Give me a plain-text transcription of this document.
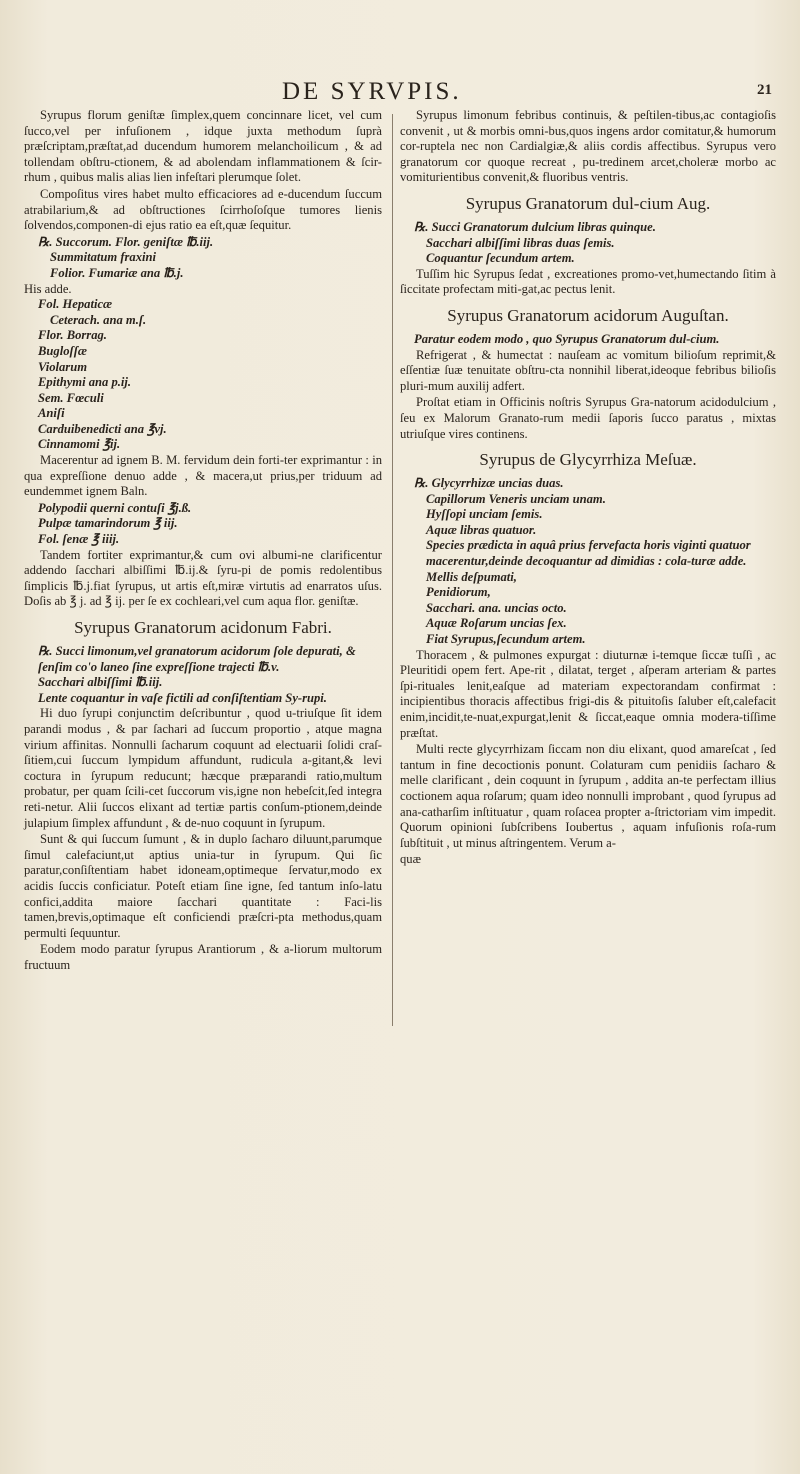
DE SYRVPIS.	21

Syrupus florum geniſtæ ſimplex,quem concinnare licet, vel cum ſucco,vel per infuſionem , idque juxta methodum ſuprà præſcriptam,præſtat,ad ducendum humorem melanchoilicum , & ad tollendam obſtru-ctionem, & ad abolendam inflammationem & ſcir-rhum , quibus malis alias lien infeſtari plerumque ſolet.

Compoſitus vires habet multo efficaciores ad e-ducendum ſuccum atrabilarium,& ad obſtructiones ſcirrhoſoſque tumores lienis ſolvendos,componen-di ejus ratio ea eſt,quæ ſequitur.

℞. Succorum. Flor. geniſtæ ℔.iij.
Summitatum fraxini
Folior. Fumariæ ana ℔.j.
His adde.
Fol. Hepaticæ
Ceterach. ana m.ſ.
Flor. Borrag.
Bugloſſæ
Violarum
Epithymi ana p.ij.
Sem. Fœculi
Aniſi
Carduibenedicti ana ℥vj.
Cinnamomi ℥ij.

Macerentur ad ignem B. M. fervidum dein forti-ter exprimantur : in qua expreſſione denuo adde , & macera,ut prius,per triduum ad eundemmet ignem Baln.

Polypodii querni contuſi ℥j.ß.
Pulpæ tamarindorum ℥ iij.
Fol. ſenæ ℥ iiij.

Tandem fortiter exprimantur,& cum ovi albumi-ne clarificentur addendo ſacchari albiſſimi ℔.ij.& ſyru-pi de pomis redolentibus ſimplicis ℔.j.fiat ſyrupus, ut artis eſt,miræ virtutis ad enarratos uſus. Doſis ab ℥ j. ad ℥ ij. per ſe ex cochleari,vel cum aqua flor. geniſtæ.

Syrupus Granatorum acidonum Fabri.
℞. Succi limonum,vel granatorum acidorum ſole depurati, & ſenſim co'o laneo ſine expreſſione trajecti ℔.v.
Sacchari albiſſimi ℔.iij.
Lente coquantur in vaſe fictili ad conſiſtentiam Sy-rupi.

Hi duo ſyrupi conjunctim deſcribuntur , quod u-triuſque ſit idem parandi modus , & par ſachari ad ſuccum proportio , atque magna virium affinitas. Nonnulli ſacharum coquunt ad electuarii ſolidi craſ-ſitiem,cui ſuccum lympidum affundunt, rudicula a-gitant,& levi coctura in ſyrupum reducunt; hæcque præparandi ratio,multum probatur, per quam ſcili-cet ſuccorum vis,igne non hebeſcit,ſed integra reti-netur. Alii ſuccos elixant ad tertiæ partis conſum-ptionem,deinde julapium ſimplex affundunt , & de-nuo coquunt in ſyrupum.

Sunt & qui ſuccum ſumunt , & in duplo ſacharo diluunt,parumque ſimul calefaciunt,ut aptius unia-tur in ſyrupum. Qui ſic paratur,conſiſtentiam habet idoneam,optimeque ſervatur,modo ex acidis ſuccis conficiatur. Poteſt etiam ſine igne, ſed tantum inſo-latu confici,addita maiore ſacchari quantitate : Faci-lis tamen,brevis,optimaque eſt conficiendi præſcri-pta methodus,quam permulti ſequuntur.

Eodem modo paratur ſyrupus Arantiorum , & a-liorum multorum fructuum

Syrupus limonum febribus continuis, & peſtilen-tibus,ac contagioſis convenit , ut & morbis omni-bus,quos ingens ardor comitatur,& humorum cor-ruptela nec non Cardialgiæ,& aliis cordis affectibus. Syrupus vero granatorum cor quoque recreat , pu-tredinem arcet,choleræ morbo ac vomiturientibus convenit,& fluoribus ventris.

Syrupus Granatorum dul-cium Aug.
℞. Succi Granatorum dulcium libras quinque.
Sacchari albiſſimi libras duas ſemis.
Coquantur ſecundum artem.

Tuſſim hic Syrupus ſedat , excreationes promo-vet,humectando ſitim à ſiccitate profectam miti-gat,ac pectus lenit.

Syrupus Granatorum acidorum Auguſtan.
Paratur eodem modo , quo Syrupus Granatorum dul-cium.

Refrigerat , & humectat : nauſeam ac vomitum bilioſum reprimit,& eſſentiæ ſuæ tenuitate obſtru-cta nonnihil liberat,ideoque febribus bilioſis pluri-mum auxilij adfert.

Proſtat etiam in Officinis noſtris Syrupus Gra-natorum acidodulcium , ſeu ex Malorum Granato-rum medii ſaporis ſucco paratus , mixtas utriuſque vires continens.

Syrupus de Glycyrrhiza Meſuæ.
℞. Glycyrrhizæ uncias duas.
Capillorum Veneris unciam unam.
Hyſſopi unciam ſemis.
Aquæ libras quatuor.
Species prædicta in aquâ prius fervefacta horis viginti quatuor macerentur,deinde decoquantur ad dimidias : cola-turæ adde.
Mellis deſpumati,
Penidiorum,
Sacchari. ana. uncias octo.
Aquæ Roſarum uncias ſex.
Fiat Syrupus,ſecundum artem.

Thoracem , & pulmones expurgat : diuturnæ i-temque ſiccæ tuſſi , ac Pleuritidi opem fert. Ape-rit , dilatat, terget , aſperam arteriam & partes ſpi-rituales lenit,eaſque ad materiam expectorandam confirmat : incipientibus thoracis affectibus frigi-dis & pituitoſis ſaluber eſt,calefacit enim,incidit,te-nuat,expurgat,lenit & ſiccat,eaque omnia modera-tiſſime præſtat.

Multi recte glycyrrhizam ſiccam non diu elixant, quod amareſcat , ſed tantum in fine decoctionis ponunt. Colaturam cum penidiis ſacharo & melle clarificant , dein coquunt in ſyrupum , addita an-te perfectam illius coctionem aqua roſarum; quam ideo nonnulli improbant , quod ſyrupus ad ana-catharſim inſtituatur , quam roſacea propter a-ſtrictoriam vim impedit. Quorum opinioni ſubſcribens Ioubertus , aquam infuſionis roſa-rum ſubſtituit , ut minus aſtringentem. Verum a-

quæ
